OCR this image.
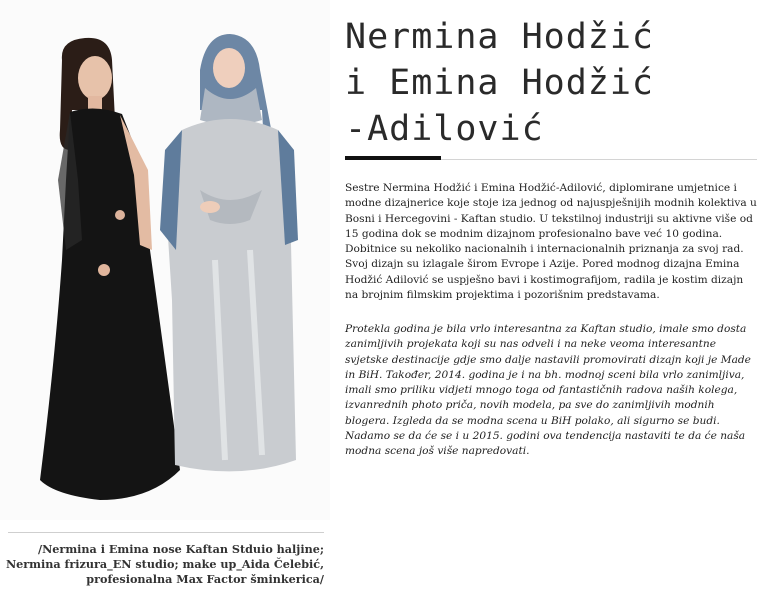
Nermina Hodžić
i Emina Hodžić
-Adilović

Sestre Nermina Hodžić i Emina Hodžić-Adilović, diplomirane umjetnice i modne dizajnerice koje stoje iza jednog od najuspješnijih modnih kolektiva u Bosni i Hercegovini - Kaftan studio. U tekstilnoj industriji su aktivne više od 15 godina dok se modnim dizajnom profesionalno bave već 10 godina. Dobitnice su nekoliko nacionalnih i internacionalnih priznanja za svoj rad. Svoj dizajn su izlagale širom Evrope i Azije. Pored modnog dizajna Emina Hodžić Adilović se uspješno bavi i kostimografijom, radila je kostim dizajn na brojnim filmskim projektima i pozorišnim predstavama.

Protekla godina je bila vrlo interesantna za Kaftan studio, imale smo dosta zanimljivih projekata koji su nas odveli i na neke veoma interesantne svjetske destinacije gdje smo dalje nastavili promovirati dizajn koji je Made in BiH. Također, 2014. godina je i na bh. modnoj sceni bila vrlo zanimljiva, imali smo priliku vidjeti mnogo toga od fantastičnih radova naših kolega, izvanrednih photo priča, novih modela, pa sve do zanimljivih modnih blogera. Izgleda da se modna scena u BiH polako, ali sigurno se budi. Nadamo se da će se i u 2015. godini ova tendencija nastaviti te da će naša modna scena još više napredovati.

/Nermina i Emina nose Kaftan Stduio haljine;
Nermina frizura_EN studio; make up_Aida Čelebić,
profesionalna Max Factor šminkerica/
